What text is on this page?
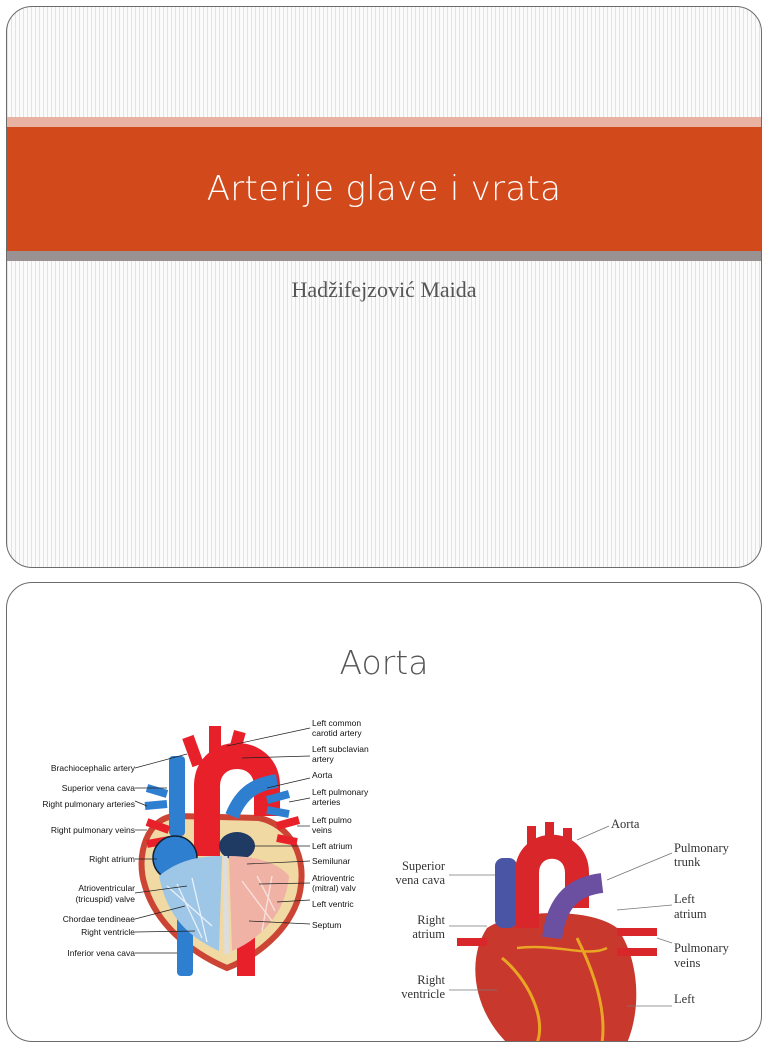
Arterije glave i vrata
Hadžifejzović Maida
Aorta
Brachiocephalic artery
Superior vena cava
Right pulmonary arteries
Right pulmonary veins
Right atrium
Atrioventricular
(tricuspid) valve
Chordae tendineae
Right ventricle
Inferior vena cava
Left common
carotid artery
Left subclavian
artery
Aorta
Left pulmonary
arteries
Left pulmo
veins
Left atrium
Semilunar
Atrioventric
(mitral) valv
Left ventric
Septum
Superior
vena cava
Right
atrium
Right
ventricle
Aorta
Pulmonary
trunk
Left
atrium
Pulmonary
veins
Left
